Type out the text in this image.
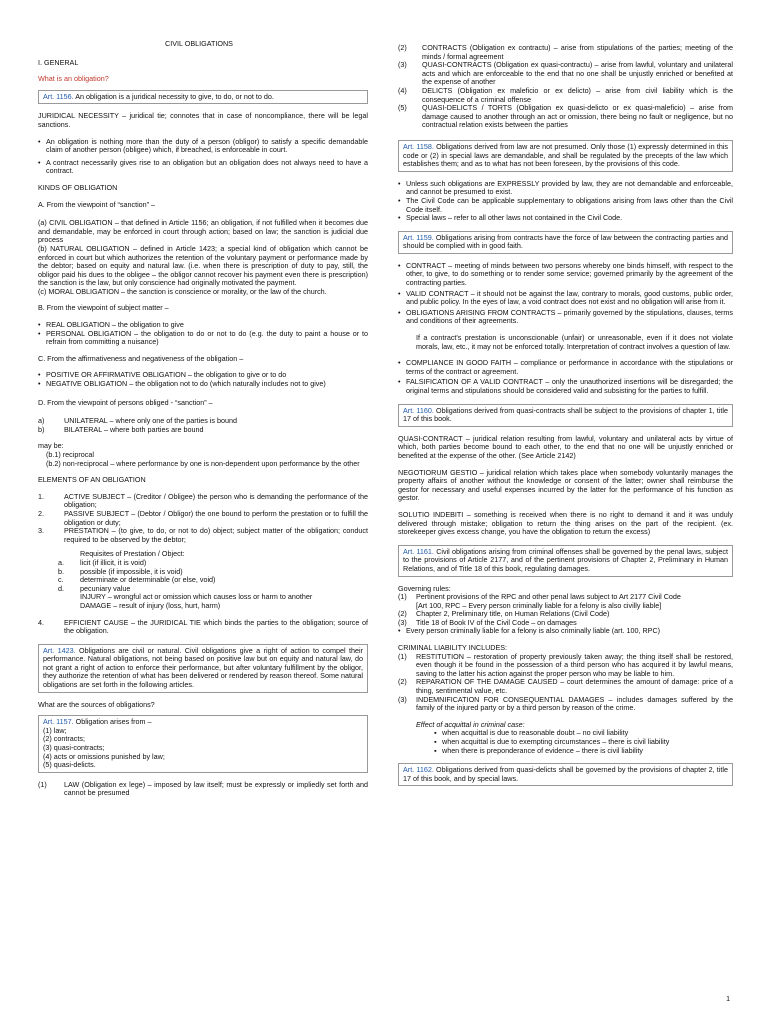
CIVIL OBLIGATIONS

I. GENERAL

What is an obligation?

Art. 1156. An obligation is a juridical necessity to give, to do, or not to do.

JURIDICAL NECESSITY – juridical tie; connotes that in case of noncompliance, there will be legal sanctions.

• An obligation is nothing more than the duty of a person (obligor) to satisfy a specific demandable claim of another person (obligee) which, if breached, is enforceable in court.
• A contract necessarily gives rise to an obligation but an obligation does not always need to have a contract.

KINDS OF OBLIGATION

A. From the viewpoint of “sanction” –

(a) CIVIL OBLIGATION – that defined in Article 1156; an obligation, if not fulfilled when it becomes due and demandable, may be enforced in court through action; based on law; the sanction is judicial due process

(b) NATURAL OBLIGATION – defined in Article 1423; a special kind of obligation which cannot be enforced in court but which authorizes the retention of the voluntary payment or performance made by the debtor; based on equity and natural law. (i.e. when there is prescription of duty to pay, still, the obligor paid his dues to the obligee – the obligor cannot recover his payment even there is prescription) the sanction is the law, but only conscience had originally motivated the payment.

(c) MORAL OBLIGATION – the sanction is conscience or morality, or the law of the church.

B. From the viewpoint of subject matter –

• REAL OBLIGATION – the obligation to give
• PERSONAL OBLIGATION – the obligation to do or not to do (e.g. the duty to paint a house or to refrain from committing a nuisance)

C. From the affirmativeness and negativeness of the obligation –

• POSITIVE OR AFFIRMATIVE OBLIGATION – the obligation to give or to do
• NEGATIVE OBLIGATION – the obligation not to do (which naturally includes not to give)

D. From the viewpoint of persons obliged - “sanction” –

a)	UNILATERAL – where only one of the parties is bound
b)	BILATERAL – where both parties are bound

may be:

(b.1) reciprocal

(b.2) non-reciprocal – where performance by one is non-dependent upon performance by the other

ELEMENTS OF AN OBLIGATION

1.	ACTIVE SUBJECT – (Creditor / Obligee) the person who is demanding the performance of the obligation;
2.	PASSIVE SUBJECT – (Debtor / Obligor) the one bound to perform the prestation or to fulfill the obligation or duty;
3.	PRESTATION – (to give, to do, or not to do) object; subject matter of the obligation; conduct required to be observed by the debtor;

Requisites of Prestation / Object:

a.	licit (if illicit, it is void)
b.	possible (if impossible, it is void)
c.	determinate or determinable (or else, void)
d.	pecuniary value

INJURY – wrongful act or omission which causes loss or harm to another

DAMAGE – result of injury (loss, hurt, harm)

4.	EFFICIENT CAUSE – the JURIDICAL TIE which binds the parties to the obligation; source of the obligation.
Art. 1423. Obligations are civil or natural. Civil obligations give a right of action to compel their performance. Natural obligations, not being based on positive law but on equity and natural law, do not grant a right of action to enforce their performance, but after voluntary fulfillment by the obligor, they authorize the retention of what has been delivered or rendered by reason thereof. Some natural obligations are set forth in the following articles.

What are the sources of obligations?

Art. 1157. Obligation arises from –

(1) law;

(2) contracts;

(3) quasi-contracts;

(4) acts or omissions punished by law;

(5) quasi-delicts.

(1)	LAW (Obligation ex lege) – imposed by law itself; must be expressly or impliedly set forth and cannot be presumed
(2)	CONTRACTS (Obligation ex contractu) – arise from stipulations of the parties; meeting of the minds / formal agreement
(3)	QUASI-CONTRACTS (Obligation ex quasi-contractu) – arise from lawful, voluntary and unilateral acts and which are enforceable to the end that no one shall be unjustly enriched or benefited at the expense of another
(4)	DELICTS (Obligation ex maleficio or ex delicto) – arise from civil liability which is the consequence of a criminal offense
(5)	QUASI-DELICTS / TORTS (Obligation ex quasi-delicto or ex quasi-maleficio) – arise from damage caused to another through an act or omission, there being no fault or negligence, but no contractual relation exists between the parties
Art. 1158. Obligations derived from law are not presumed. Only those (1) expressly determined in this code or (2) in special laws are demandable, and shall be regulated by the precepts of the law which establishes them; and as to what has not been foreseen, by the provisions of this code.
• Unless such obligations are EXPRESSLY provided by law, they are not demandable and enforceable, and cannot be presumed to exist.
• The Civil Code can be applicable supplementary to obligations arising from laws other than the Civil Code itself.
• Special laws – refer to all other laws not contained in the Civil Code.
Art. 1159. Obligations arising from contracts have the force of law between the contracting parties and should be complied with in good faith.
• CONTRACT – meeting of minds between two persons whereby one binds himself, with respect to the other, to give, to do something or to render some service; governed primarily by the agreement of the contracting parties.
• VALID CONTRACT – it should not be against the law, contrary to morals, good customs, public order, and public policy. In the eyes of law, a void contract does not exist and no obligation will arise from it.
• OBLIGATIONS ARISING FROM CONTRACTS – primarily governed by the stipulations, clauses, terms and conditions of their agreements.

If a contract's prestation is unconscionable (unfair) or unreasonable, even if it does not violate morals, law, etc., it may not be enforced totally. Interpretation of contract involves a question of law.

• COMPLIANCE IN GOOD FAITH – compliance or performance in accordance with the stipulations or terms of the contract or agreement.
• FALSIFICATION OF A VALID CONTRACT – only the unauthorized insertions will be disregarded; the original terms and stipulations should be considered valid and subsisting for the parties to fulfill.
Art. 1160. Obligations derived from quasi-contracts shall be subject to the provisions of chapter 1, title 17 of this book.

QUASI-CONTRACT – juridical relation resulting from lawful, voluntary and unilateral acts by virtue of which, both parties become bound to each other, to the end that no one will be unjustly enriched or benefited at the expense of the other. (See Article 2142)

NEGOTIORUM GESTIO – juridical relation which takes place when somebody voluntarily manages the property affairs of another without the knowledge or consent of the latter; owner shall reimburse the gestor for necessary and useful expenses incurred by the latter for the performance of his function as gestor.

SOLUTIO INDEBITI – something is received when there is no right to demand it and it was unduly delivered through mistake; obligation to return the thing arises on the part of the recipient. (ex. storekeeper gives excess change, you have the obligation to return the excess)

Art. 1161. Civil obligations arising from criminal offenses shall be governed by the penal laws, subject to the provisions of Article 2177, and of the pertinent provisions of Chapter 2, Preliminary in Human Relations, and of Title 18 of this book, regulating damages.

Governing rules:

(1)	Pertinent provisions of the RPC and other penal laws subject to Art 2177 Civil Code
[Art 100, RPC – Every person criminally liable for a felony is also civilly liable]
(2)	Chapter 2, Preliminary title, on Human Relations (Civil Code)
(3)	Title 18 of Book IV of the Civil Code – on damages
• Every person criminally liable for a felony is also criminally liable (art. 100, RPC)

CRIMINAL LIABILITY INCLUDES:

(1)	RESTITUTION – restoration of property previously taken away; the thing itself shall be restored, even though it be found in the possession of a third person who has acquired it by lawful means, saving to the latter his action against the proper person who may be liable to him.
(2)	REPARATION OF THE DAMAGE CAUSED – court determines the amount of damage: price of a thing, sentimental value, etc.
(3)	INDEMNIFICATION FOR CONSEQUENTIAL DAMAGES – includes damages suffered by the family of the injured party or by a third person by reason of the crime.

Effect of acquittal in criminal case:

▪ when acquittal is due to reasonable doubt – no civil liability
▪ when acquittal is due to exempting circumstances – there is civil liability
▪ when there is preponderance of evidence – there is civil liability
Art. 1162. Obligations derived from quasi-delicts shall be governed by the provisions of chapter 2, title 17 of this book, and by special laws.
1
